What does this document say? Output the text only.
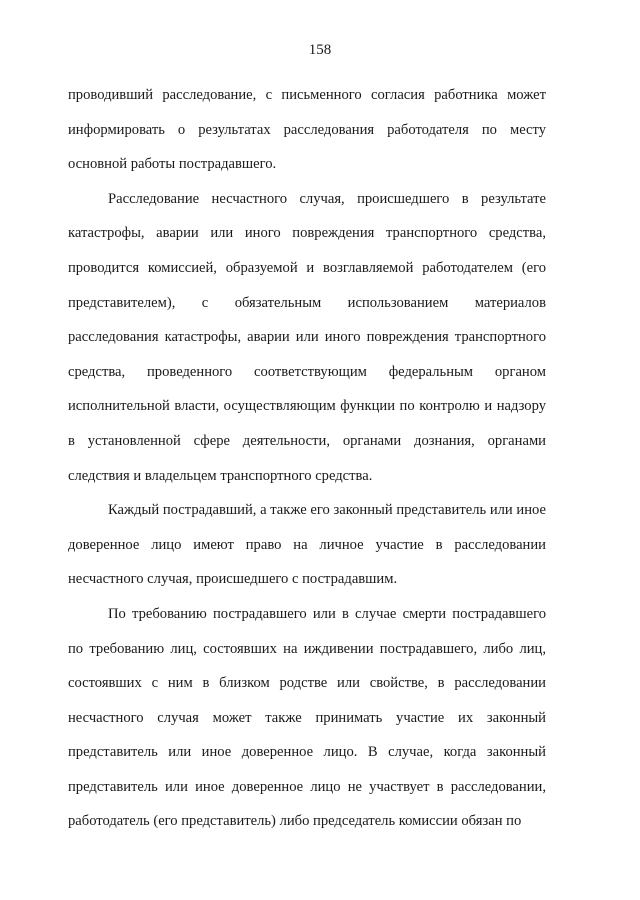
158

проводивший расследование, с письменного согласия работника может информировать о результатах расследования работодателя по месту основной работы пострадавшего.

Расследование несчастного случая, происшедшего в результате катастрофы, аварии или иного повреждения транспортного средства, проводится комиссией, образуемой и возглавляемой работодателем (его представителем), с обязательным использованием материалов расследования катастрофы, аварии или иного повреждения транспортного средства, проведенного соответствующим федеральным органом исполнительной власти, осуществляющим функции по контролю и надзору в установленной сфере деятельности, органами дознания, органами следствия и владельцем транспортного средства.

Каждый пострадавший, а также его законный представитель или иное доверенное лицо имеют право на личное участие в расследовании несчастного случая, происшедшего с пострадавшим.

По требованию пострадавшего или в случае смерти пострадавшего по требованию лиц, состоявших на иждивении пострадавшего, либо лиц, состоявших с ним в близком родстве или свойстве, в расследовании несчастного случая может также принимать участие их законный представитель или иное доверенное лицо. В случае, когда законный представитель или иное доверенное лицо не участвует в расследовании, работодатель (его представитель) либо председатель комиссии обязан по
